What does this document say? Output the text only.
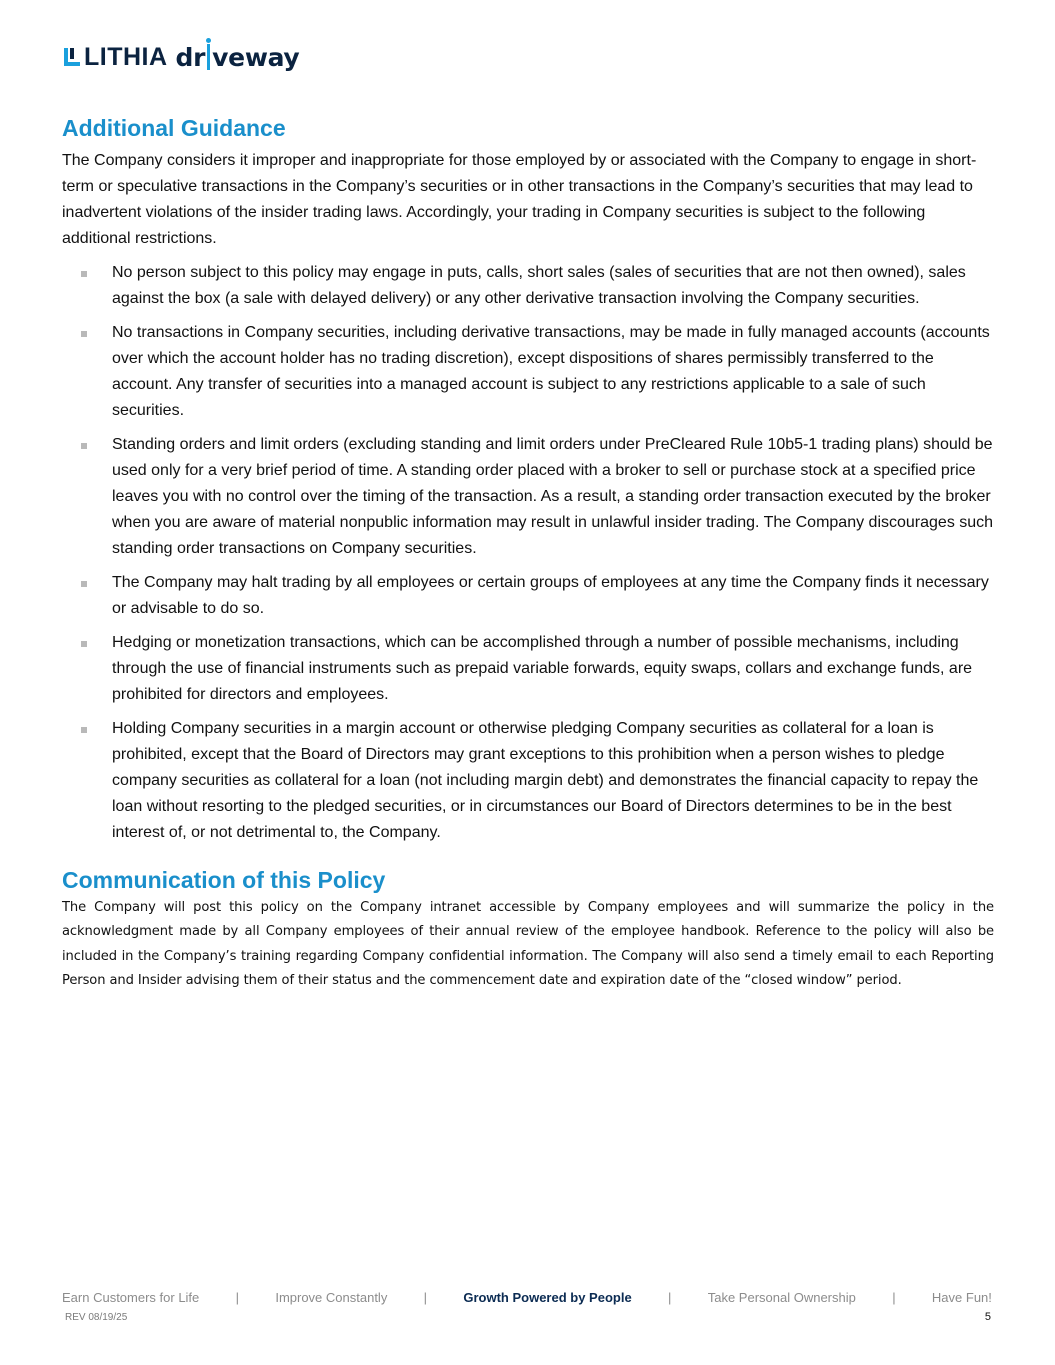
LITHIA dr veway
Additional Guidance

The Company considers it improper and inappropriate for those employed by or associated with the Company to engage in short-term or speculative transactions in the Company’s securities or in other transactions in the Company’s securities that may lead to inadvertent violations of the insider trading laws. Accordingly, your trading in Company securities is subject to the following additional restrictions.

No person subject to this policy may engage in puts, calls, short sales (sales of securities that are not then owned), sales against the box (a sale with delayed delivery) or any other derivative transaction involving the Company securities.
No transactions in Company securities, including derivative transactions, may be made in fully managed accounts (accounts over which the account holder has no trading discretion), except dispositions of shares permissibly transferred to the account. Any transfer of securities into a managed account is subject to any restrictions applicable to a sale of such securities.
Standing orders and limit orders (excluding standing and limit orders under PreCleared Rule 10b5-1 trading plans) should be used only for a very brief period of time. A standing order placed with a broker to sell or purchase stock at a specified price leaves you with no control over the timing of the transaction. As a result, a standing order transaction executed by the broker when you are aware of material nonpublic information may result in unlawful insider trading. The Company discourages such standing order transactions on Company securities.
The Company may halt trading by all employees or certain groups of employees at any time the Company finds it necessary or advisable to do so.
Hedging or monetization transactions, which can be accomplished through a number of possible mechanisms, including through the use of financial instruments such as prepaid variable forwards, equity swaps, collars and exchange funds, are prohibited for directors and employees.
Holding Company securities in a margin account or otherwise pledging Company securities as collateral for a loan is prohibited, except that the Board of Directors may grant exceptions to this prohibition when a person wishes to pledge company securities as collateral for a loan (not including margin debt) and demonstrates the financial capacity to repay the loan without resorting to the pledged securities, or in circumstances our Board of Directors determines to be in the best interest of, or not detrimental to, the Company.
Communication of this Policy

The Company will post this policy on the Company intranet accessible by Company employees and will summarize the policy in the acknowledgment made by all Company employees of their annual review of the employee handbook. Reference to the policy will also be included in the Company’s training regarding Company confidential information. The Company will also send a timely email to each Reporting Person and Insider advising them of their status and the commencement date and expiration date of the “closed window” period.

Earn Customers for Life	|	Improve Constantly	|	Growth Powered by People	|	Take Personal Ownership	|	Have Fun!
REV 08/19/25	5
